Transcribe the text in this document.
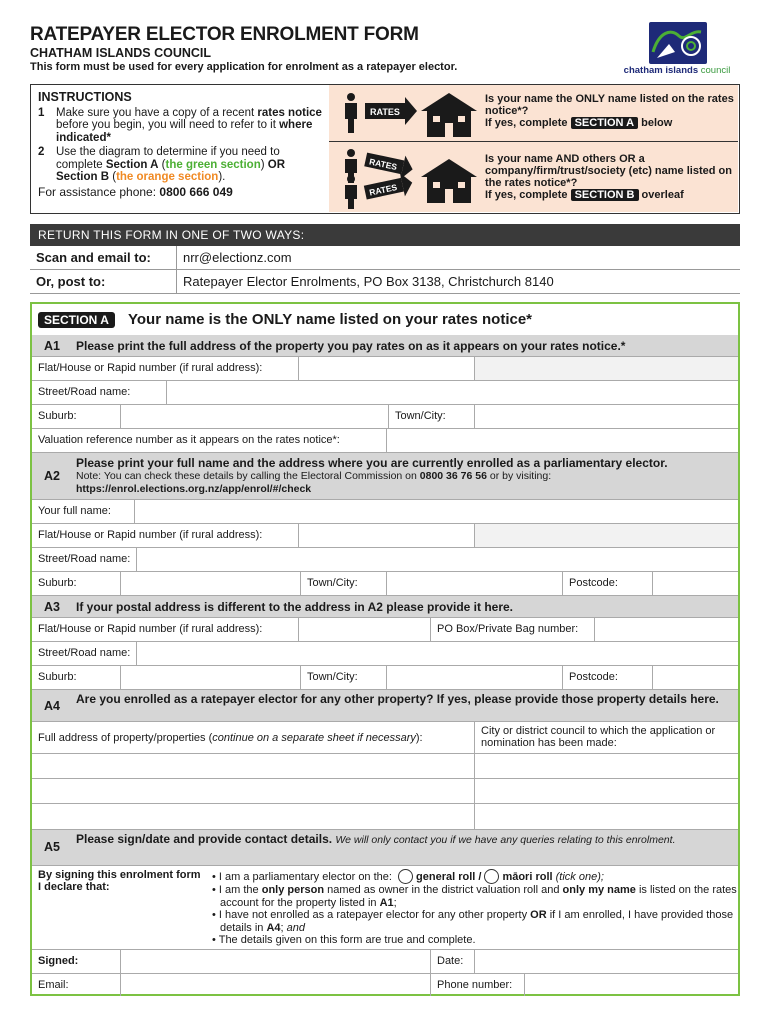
RATEPAYER ELECTOR ENROLMENT FORM
CHATHAM ISLANDS COUNCIL
This form must be used for every application for enrolment as a ratepayer elector.	chatham islands council
INSTRUCTIONS
1	Make sure you have a copy of a recent rates notice before you begin, you will need to refer to it where indicated*
2	Use the diagram to determine if you need to complete Section A (the green section) OR Section B (the orange section).
For assistance phone: 0800 666 049
RATES
Is your name the ONLY name listed on the rates notice*?
If yes, complete SECTION A below
RATES
RATES
Is your name AND others OR a company/firm/trust/society (etc) name listed on the rates notice*?
If yes, complete SECTION B overleaf
RETURN THIS FORM IN ONE OF TWO WAYS:
Scan and email to:	nrr@electionz.com
Or, post to:	Ratepayer Elector Enrolments, PO Box 3138, Christchurch 8140
SECTION A	Your name is the ONLY name listed on your rates notice*
A1 Please print the full address of the property you pay rates on as it appears on your rates notice.*
Flat/House or Rapid number (if rural address):
Street/Road name:
Suburb:	Town/City:
Valuation reference number as it appears on the rates notice*:
A2
Please print your full name and the address where you are currently enrolled as a parliamentary elector.
Note: You can check these details by calling the Electoral Commission on 0800 36 76 56 or by visiting:
https://enrol.elections.org.nz/app/enrol/#/check
Your full name:
Flat/House or Rapid number (if rural address):
Street/Road name:
Suburb:	Town/City:	Postcode:
A3 If your postal address is different to the address in A2 please provide it here.
Flat/House or Rapid number (if rural address):	PO Box/Private Bag number:
Street/Road name:
Suburb:	Town/City:	Postcode:
A4 Are you enrolled as a ratepayer elector for any other property? If yes, please provide those property details here.
Full address of property/properties (continue on a separate sheet if necessary):
City or district council to which the application or nomination has been made:
A5
Please sign/date and provide contact details. We will only contact you if we have any queries relating to this enrolment.
By signing this enrolment form I declare that:
• I am a parliamentary elector on the: general roll / māori roll (tick one);
• I am the only person named as owner in the district valuation roll and only my name is listed on the rates account for the property listed in A1;
• I have not enrolled as a ratepayer elector for any other property OR if I am enrolled, I have provided those details in A4; and
• The details given on this form are true and complete.
Signed:	Date:
Email:	Phone number:
